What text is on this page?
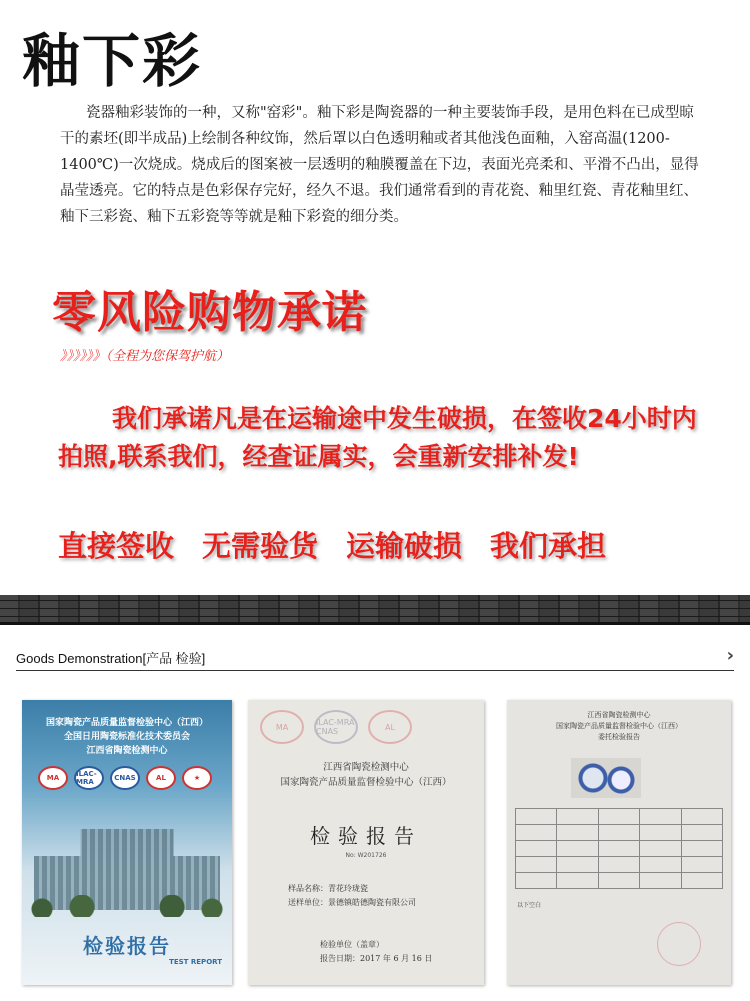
釉下彩
瓷器釉彩装饰的一种，又称"窑彩"。釉下彩是陶瓷器的一种主要装饰手段，是用色料在已成型晾干的素坯(即半成品)上绘制各种纹饰，然后罩以白色透明釉或者其他浅色面釉，入窑高温(1200-1400℃)一次烧成。烧成后的图案被一层透明的釉膜覆盖在下边，表面光亮柔和、平滑不凸出，显得晶莹透亮。它的特点是色彩保存完好，经久不退。我们通常看到的青花瓷、釉里红瓷、青花釉里红、釉下三彩瓷、釉下五彩瓷等等就是釉下彩瓷的细分类。
零风险购物承诺
》》》》》》（全程为您保驾护航）
我们承诺凡是在运输途中发生破损，在签收24小时内拍照,联系我们，经查证属实，会重新安排补发!
直接签收 无需验货 运输破损 我们承担
Goods Demonstration[产品 检验]	›
国家陶瓷产品质量监督检验中心（江西）
全国日用陶瓷标准化技术委员会
江西省陶瓷检测中心
MA	ILAC-MRA	CNAS	AL	★
检验报告
TEST REPORT
MA	ILAC-MRA CNAS	AL
江西省陶瓷检测中心
国家陶瓷产品质量监督检验中心（江西）
检验报告
No: W201726
样品名称：青花玲珑瓷
送样单位：景德镇皓德陶瓷有限公司
检验单位（盖章）
报告日期：2017 年 6 月 16 日
江西省陶瓷检测中心
国家陶瓷产品质量监督检验中心（江西）
委托检验报告

以下空白
